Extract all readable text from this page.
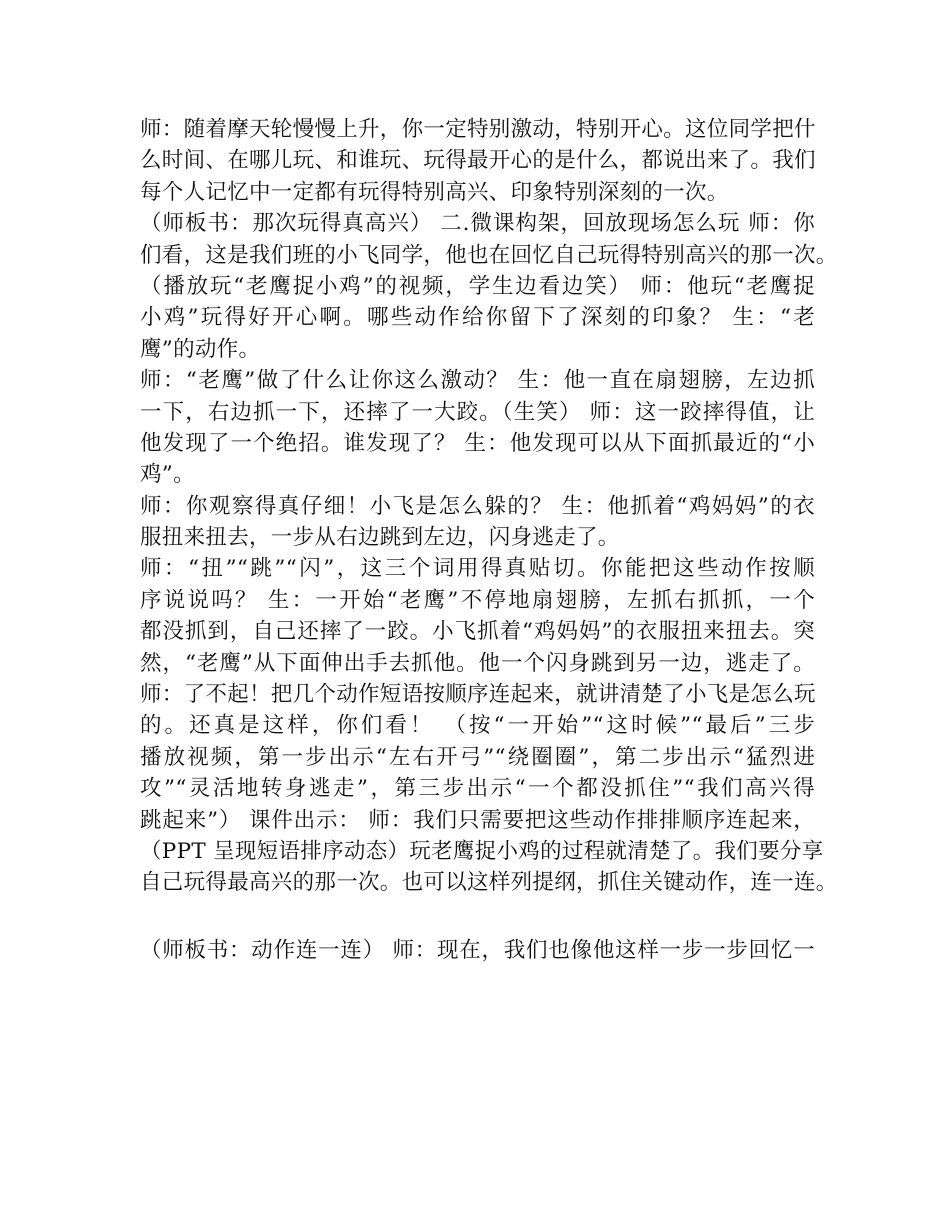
师：随着摩天轮慢慢上升，你一定特别激动，特别开心。这位同学把什
么时间、在哪儿玩、和谁玩、玩得最开心的是什么，都说出来了。我们
每个人记忆中一定都有玩得特别高兴、印象特别深刻的一次。
（师板书：那次玩得真高兴） 二.微课构架，回放现场怎么玩 师：你
们看，这是我们班的小飞同学，他也在回忆自己玩得特别高兴的那一次。
（播放玩“老鹰捉小鸡”的视频，学生边看边笑） 师：他玩“老鹰捉
小鸡”玩得好开心啊。哪些动作给你留下了深刻的印象？ 生：“老
鹰”的动作。
师：“老鹰”做了什么让你这么激动？ 生：他一直在扇翅膀，左边抓
一下，右边抓一下，还摔了一大跤。（生笑） 师：这一跤摔得值，让
他发现了一个绝招。谁发现了？ 生：他发现可以从下面抓最近的“小
鸡”。
师：你观察得真仔细！小飞是怎么躲的？ 生：他抓着“鸡妈妈”的衣
服扭来扭去，一步从右边跳到左边，闪身逃走了。
师：“扭”“跳”“闪”，这三个词用得真贴切。你能把这些动作按顺
序说说吗？ 生：一开始“老鹰”不停地扇翅膀，左抓右抓抓，一个
都没抓到，自己还摔了一跤。小飞抓着“鸡妈妈”的衣服扭来扭去。突
然，“老鹰”从下面伸出手去抓他。他一个闪身跳到另一边，逃走了。
师：了不起！把几个动作短语按顺序连起来，就讲清楚了小飞是怎么玩
的。还真是这样，你们看！ （按“一开始”“这时候”“最后”三步
播放视频，第一步出示“左右开弓”“绕圈圈”，第二步出示“猛烈进
攻”“灵活地转身逃走”，第三步出示“一个都没抓住”“我们高兴得
跳起来”） 课件出示： 师：我们只需要把这些动作排排顺序连起来，
（PPT 呈现短语排序动态）玩老鹰捉小鸡的过程就清楚了。我们要分享
自己玩得最高兴的那一次。也可以这样列提纲，抓住关键动作，连一连。
（师板书：动作连一连） 师：现在，我们也像他这样一步一步回忆一
